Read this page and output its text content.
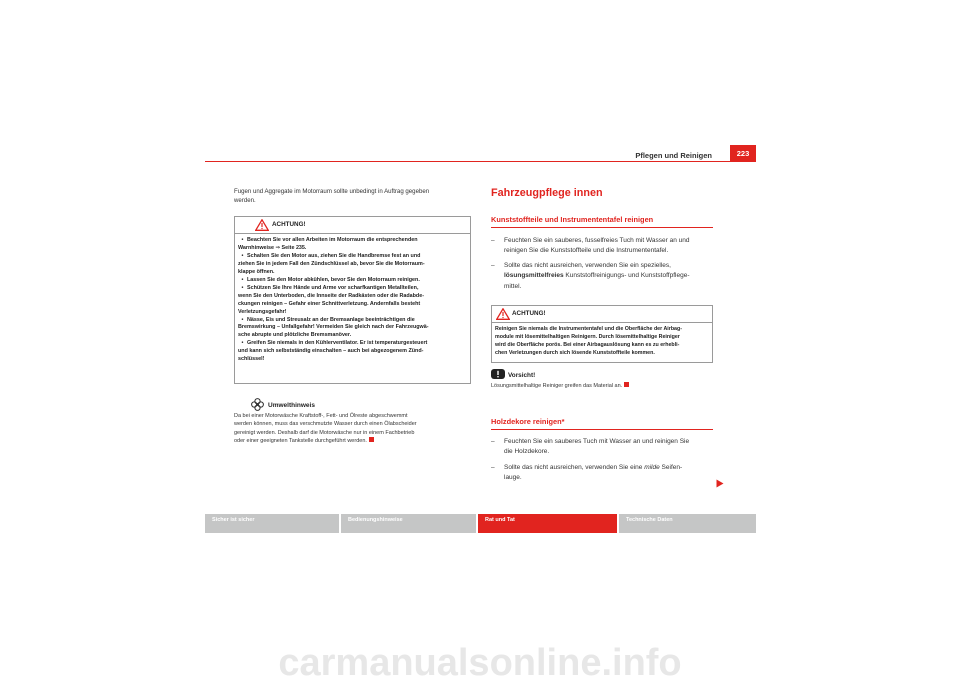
Pflegen und Reinigen	223
Fugen und Aggregate im Motorraum sollte unbedingt in Auftrag gegeben
werden.
ACHTUNG!

• Beachten Sie vor allen Arbeiten im Motorraum die entsprechenden
Warnhinweise ⇒ Seite 235.

• Schalten Sie den Motor aus, ziehen Sie die Handbremse fest an und
ziehen Sie in jedem Fall den Zündschlüssel ab, bevor Sie die Motorraum-
klappe öffnen.

• Lassen Sie den Motor abkühlen, bevor Sie den Motorraum reinigen.

• Schützen Sie Ihre Hände und Arme vor scharfkantigen Metallteilen,
wenn Sie den Unterboden, die Innseite der Radkästen oder die Radabde-
ckungen reinigen – Gefahr einer Schnittverletzung. Andernfalls besteht
Verletzungsgefahr!

• Nässe, Eis und Streusalz an der Bremsanlage beeinträchtigen die
Bremswirkung – Unfallgefahr! Vermeiden Sie gleich nach der Fahrzeugwä-
sche abrupte und plötzliche Bremsmanöver.

• Greifen Sie niemals in den Kühlerventilator. Er ist temperaturgesteuert
und kann sich selbstständig einschalten – auch bei abgezogenem Zünd-
schlüssel!

Umwelthinweis
Da bei einer Motorwäsche Kraftstoff-, Fett- und Ölreste abgeschwemmt
werden können, muss das verschmutzte Wasser durch einen Ölabscheider
gereinigt werden. Deshalb darf die Motorwäsche nur in einem Fachbetrieb
oder einer geeigneten Tankstelle durchgeführt werden.
Fahrzeugpflege innen
Kunststoffteile und Instrumententafel reinigen
–	Feuchten Sie ein sauberes, fusselfreies Tuch mit Wasser an und
reinigen Sie die Kunststoffteile und die Instrumententafel.
–	Sollte das nicht ausreichen, verwenden Sie ein spezielles,
lösungsmittelfreies Kunststoffreinigungs- und Kunststoffpflege-
mittel.
ACHTUNG!

Reinigen Sie niemals die Instrumententafel und die Oberfläche der Airbag-
module mit lösemittelhaltigen Reinigern. Durch lösemittelhaltige Reiniger
wird die Oberfläche porös. Bei einer Airbagauslösung kann es zu erhebli-
chen Verletzungen durch sich lösende Kunststoffteile kommen.

Vorsicht!
Lösungsmittelhaltige Reiniger greifen das Material an.
Holzdekore reinigen*
–	Feuchten Sie ein sauberes Tuch mit Wasser an und reinigen Sie
die Holzdekore.
–	Sollte das nicht ausreichen, verwenden Sie eine milde Seifen-
lauge.
Sicher ist sicher	Bedienungshinweise	Rat und Tat	Technische Daten
carmanualsonline.info
